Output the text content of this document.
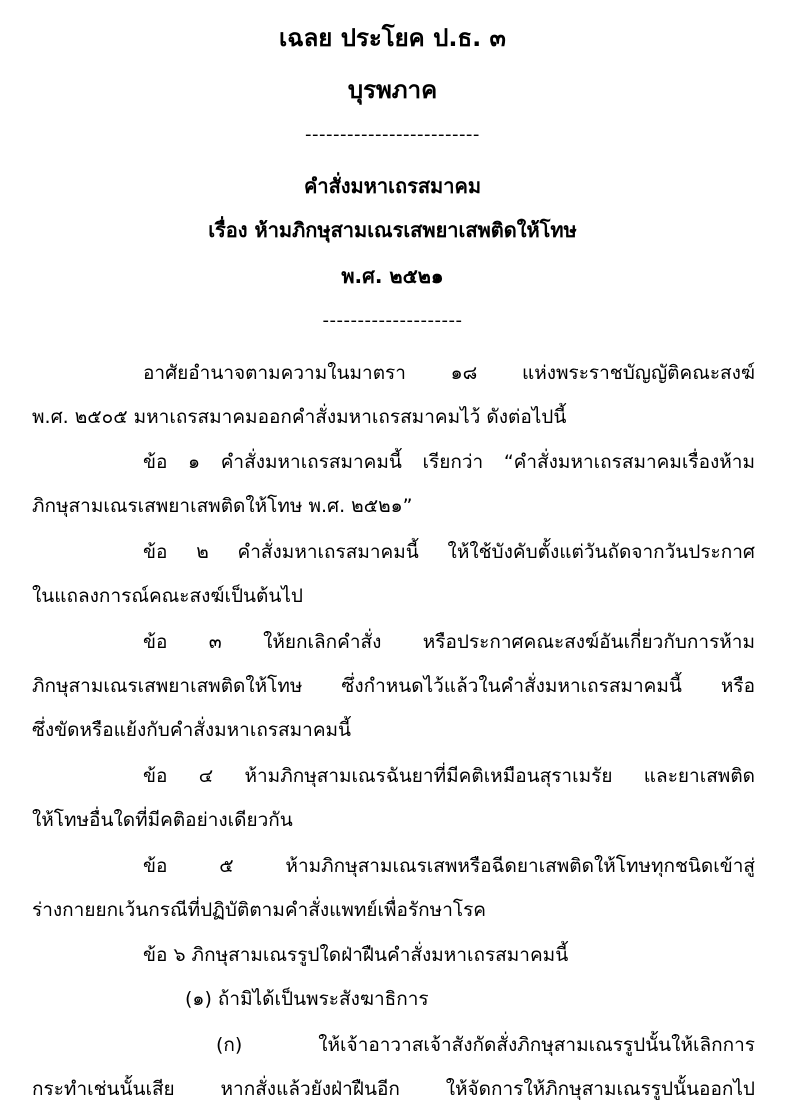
เฉลย ประโยค ป.ธ. ๓
บุรพภาค
-------------------------
คำสั่งมหาเถรสมาคม
เรื่อง ห้ามภิกษุสามเณรเสพยาเสพติดให้โทษ
พ.ศ. ๒๕๒๑
--------------------
อาศัยอำนาจตามความในมาตรา ๑๘ แห่งพระราชบัญญัติคณะสงฆ์
พ.ศ. ๒๕๐๕ มหาเถรสมาคมออกคำสั่งมหาเถรสมาคมไว้ ดังต่อไปนี้
ข้อ ๑ คำสั่งมหาเถรสมาคมนี้ เรียกว่า “คำสั่งมหาเถรสมาคมเรื่องห้าม
ภิกษุสามเณรเสพยาเสพติดให้โทษ พ.ศ. ๒๕๒๑”
ข้อ ๒ คำสั่งมหาเถรสมาคมนี้ ให้ใช้บังคับตั้งแต่วันถัดจากวันประกาศ
ในแถลงการณ์คณะสงฆ์เป็นต้นไป
ข้อ ๓ ให้ยกเลิกคำสั่ง หรือประกาศคณะสงฆ์อันเกี่ยวกับการห้าม
ภิกษุสามเณรเสพยาเสพติดให้โทษ ซึ่งกำหนดไว้แล้วในคำสั่งมหาเถรสมาคมนี้ หรือ
ซึ่งขัดหรือแย้งกับคำสั่งมหาเถรสมาคมนี้
ข้อ ๔ ห้ามภิกษุสามเณรฉันยาที่มีคติเหมือนสุราเมรัย และยาเสพติด
ให้โทษอื่นใดที่มีคติอย่างเดียวกัน
ข้อ ๕ ห้ามภิกษุสามเณรเสพหรือฉีดยาเสพติดให้โทษทุกชนิดเข้าสู่
ร่างกายยกเว้นกรณีที่ปฏิบัติตามคำสั่งแพทย์เพื่อรักษาโรค
ข้อ ๖ ภิกษุสามเณรรูปใดฝ่าฝืนคำสั่งมหาเถรสมาคมนี้
(๑) ถ้ามิได้เป็นพระสังฆาธิการ
(ก) ให้เจ้าอาวาสเจ้าสังกัดสั่งภิกษุสามเณรรูปนั้นให้เลิกการ
กระทำเช่นนั้นเสีย หากสั่งแล้วยังฝ่าฝืนอีก ให้จัดการให้ภิกษุสามเณรรูปนั้นออกไป
